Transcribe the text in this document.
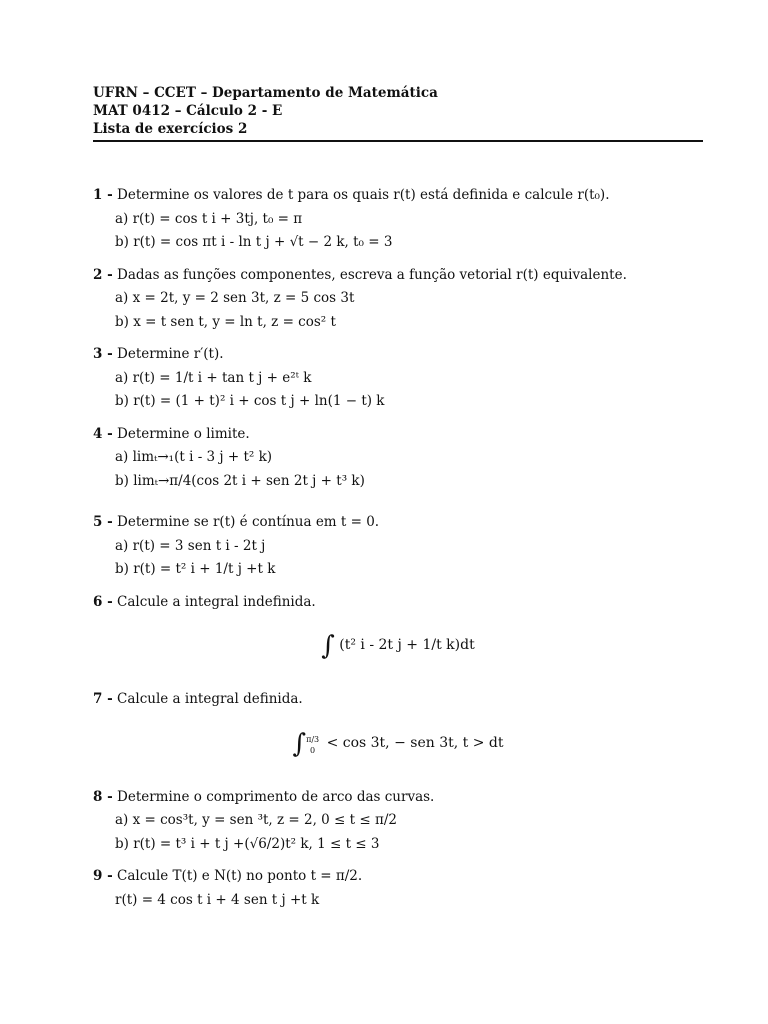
UFRN – CCET – Departamento de Matemática
MAT 0412 – Cálculo 2 - E
Lista de exercícios 2
1 - Determine os valores de t para os quais r(t) está definida e calcule r(t₀).
a) r(t) = cos t i + 3tj, t₀ = π
b) r(t) = cos πt i - ln t j + √t − 2 k, t₀ = 3
2 - Dadas as funções componentes, escreva a função vetorial r(t) equivalente.
a) x = 2t, y = 2 sen 3t, z = 5 cos 3t
b) x = t sen t, y = ln t, z = cos² t
3 - Determine r′(t).
a) r(t) = 1/t i + tan t j + e²ᵗ k
b) r(t) = (1 + t)² i + cos t j + ln(1 − t) k
4 - Determine o limite.
a) limₜ→₁(t i - 3 j + t² k)
b) limₜ→π/4(cos 2t i + sen 2t j + t³ k)
5 - Determine se r(t) é contínua em t = 0.
a) r(t) = 3 sen t i - 2t j
b) r(t) = t² i + 1/t j +t k
6 - Calcule a integral indefinida.
∫ (t² i - 2t j + 1/t k)dt
7 - Calcule a integral definida.
∫ π/3
0 < cos 3t, − sen 3t, t > dt
8 - Determine o comprimento de arco das curvas.
a) x = cos³t, y = sen ³t, z = 2, 0 ≤ t ≤ π/2
b) r(t) = t³ i + t j +(√6/2)t² k, 1 ≤ t ≤ 3
9 - Calcule T(t) e N(t) no ponto t = π/2.
r(t) = 4 cos t i + 4 sen t j +t k
